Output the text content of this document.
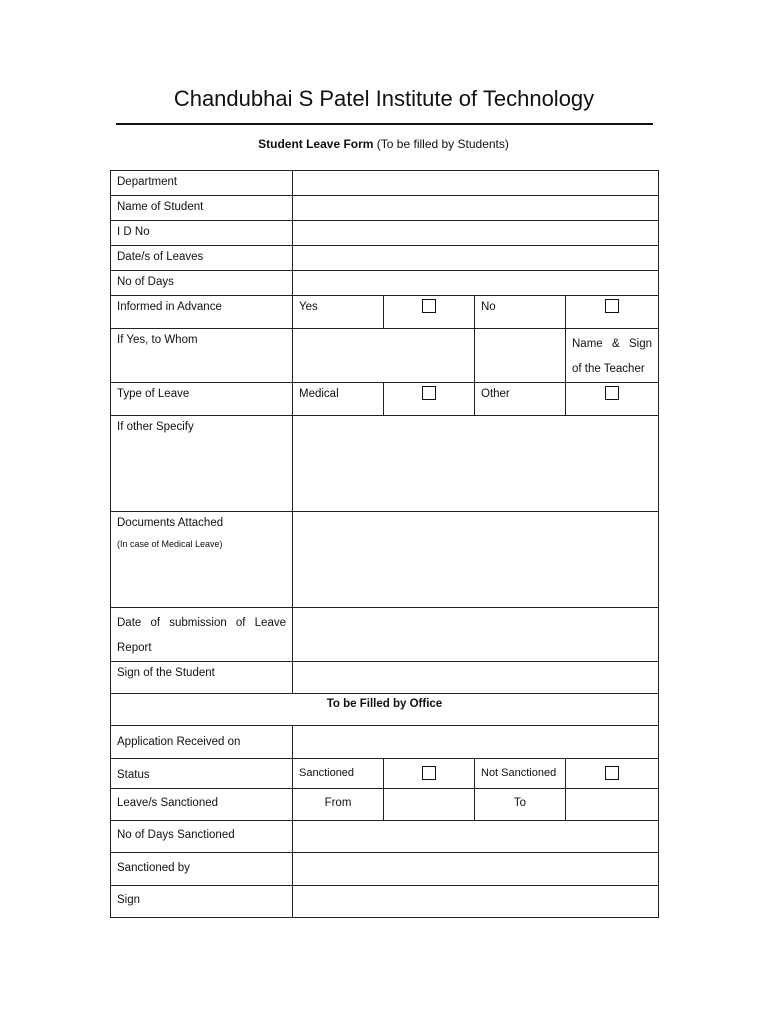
Chandubhai S Patel Institute of Technology
Student Leave Form (To be filled by Students)
Department				
Name of Student				
I D No				
Date/s of Leaves				
No of Days				
Informed in Advance	Yes		No	

If Yes, to Whom				Name & Sign
of the Teacher

Type of Leave	Medical		Other	

If other Specify				

Documents Attached
(In case of Medical Leave)				

Date of submission of Leave
Report				

Sign of the Student				
To be Filled by Office				
Application Received on				
Status	Sanctioned		Not Sanctioned	

Leave/s Sanctioned	From		To	
No of Days Sanctioned				
Sanctioned by				
Sign				
